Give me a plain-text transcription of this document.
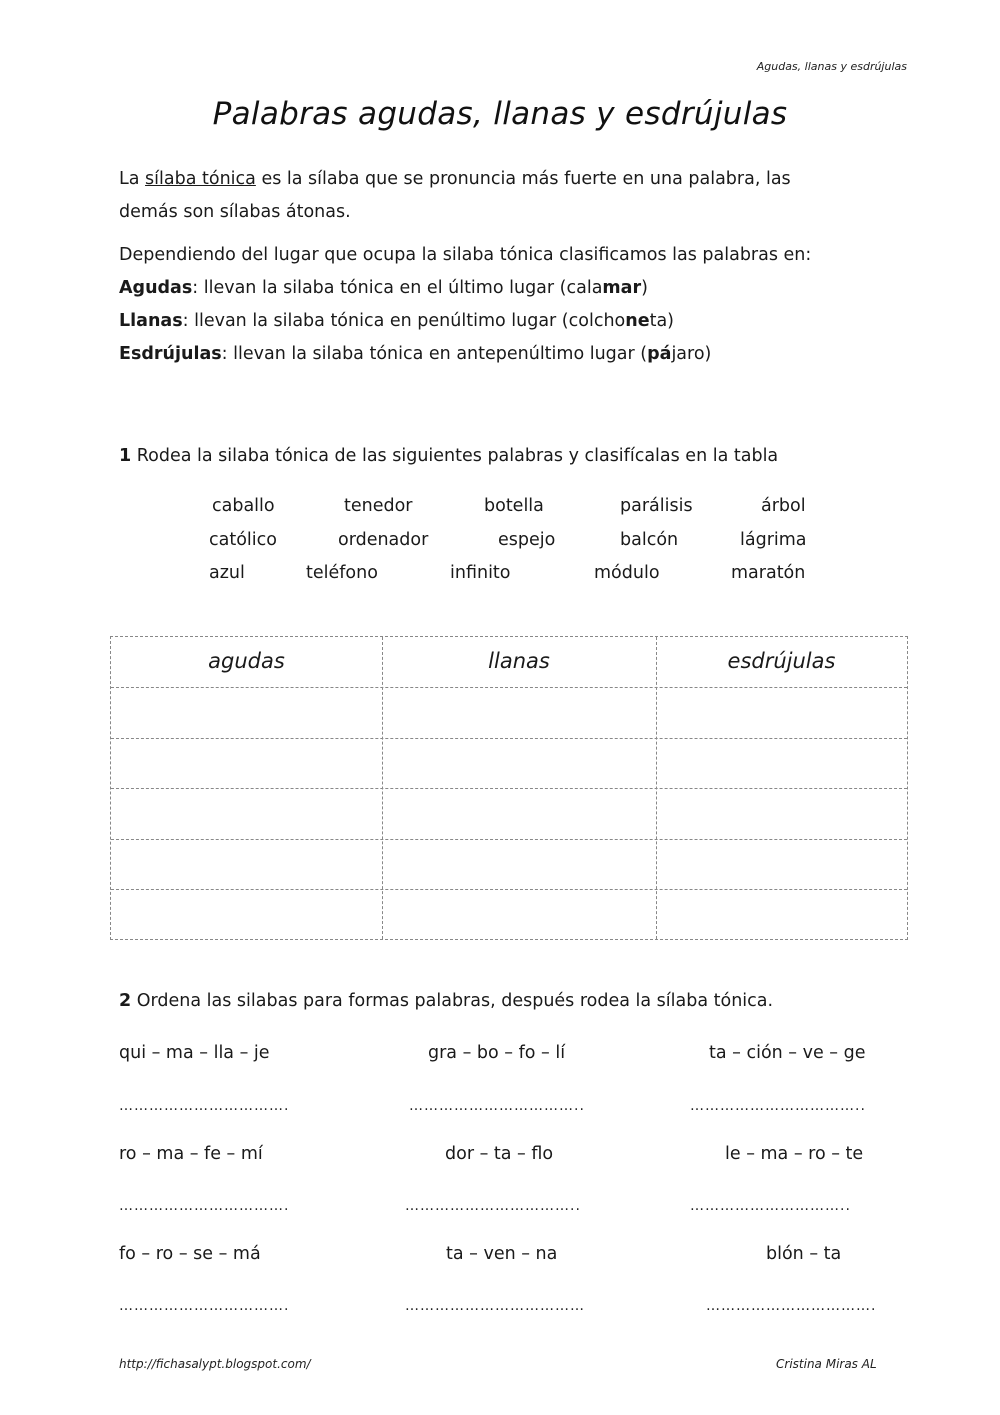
Agudas, llanas y esdrújulas
Palabras agudas, llanas y esdrújulas
La sílaba tónica es la sílaba que se pronuncia más fuerte en una palabra, las
demás son sílabas átonas.
Dependiendo del lugar que ocupa la silaba tónica clasificamos las palabras en:
Agudas: llevan la silaba tónica en el último lugar (calamar)
Llanas: llevan la silaba tónica en penúltimo lugar (colchoneta)
Esdrújulas: llevan la silaba tónica en antepenúltimo lugar (pájaro)
1 Rodea la silaba tónica de las siguientes palabras y clasifícalas en la tabla
caballo	tenedor	botella	parálisis	árbol
católico	ordenador	espejo	balcón	lágrima
azul	teléfono	infinito	módulo	maratón
agudas	llanas	esdrújulas
2 Ordena las silabas para formas palabras, después rodea la sílaba tónica.
qui – ma – lla – je	gra – bo – fo – lí	ta – ción – ve – ge
ro – ma – fe – mí	dor – ta – flo	le – ma – ro – te
fo – ro – se – má	ta – ven – na	blón – ta
…………………………….	……………………………..	……………………………..
…………………………….	……………………………..	…………………………..
…………………………….	………………………………	…………………………….
http://fichasalypt.blogspot.com/	Cristina Miras AL
